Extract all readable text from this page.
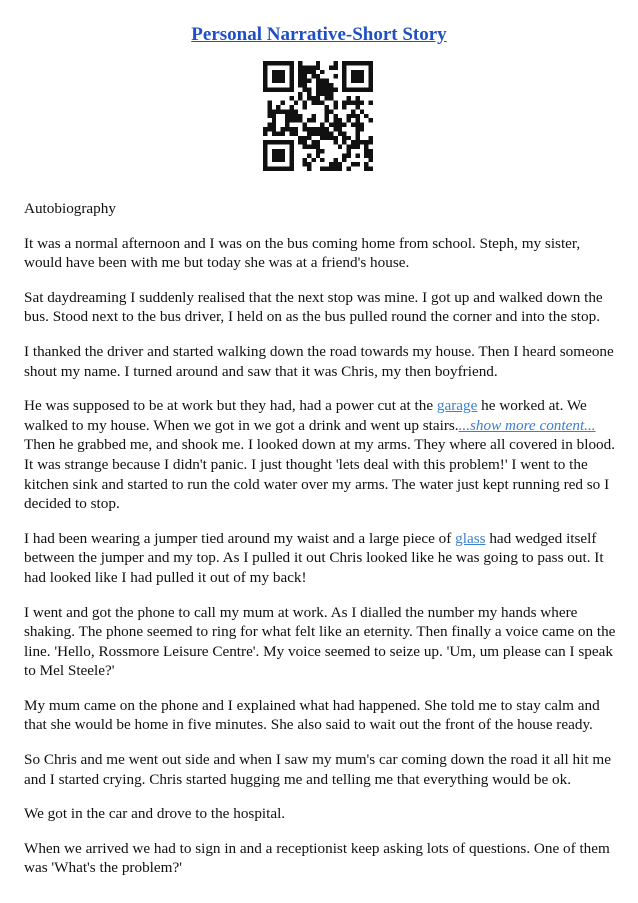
Personal Narrative-Short Story

Autobiography

It was a normal afternoon and I was on the bus coming home from school. Steph, my sister, would have been with me but today she was at a friend's house.

Sat daydreaming I suddenly realised that the next stop was mine. I got up and walked down the bus. Stood next to the bus driver, I held on as the bus pulled round the corner and into the stop.

I thanked the driver and started walking down the road towards my house. Then I heard someone shout my name. I turned around and saw that it was Chris, my then boyfriend.

He was supposed to be at work but they had, had a power cut at the garage he worked at. We walked to my house. When we got in we got a drink and went up stairs....show more content...
Then he grabbed me, and shook me. I looked down at my arms. They where all covered in blood.
It was strange because I didn't panic. I just thought 'lets deal with this problem!' I went to the kitchen sink and started to run the cold water over my arms. The water just kept running red so I decided to stop.

I had been wearing a jumper tied around my waist and a large piece of glass had wedged itself between the jumper and my top. As I pulled it out Chris looked like he was going to pass out. It had looked like I had pulled it out of my back!

I went and got the phone to call my mum at work. As I dialled the number my hands where shaking. The phone seemed to ring for what felt like an eternity. Then finally a voice came on the line. 'Hello, Rossmore Leisure Centre'. My voice seemed to seize up. 'Um, um please can I speak to Mel Steele?'

My mum came on the phone and I explained what had happened. She told me to stay calm and that she would be home in five minutes. She also said to wait out the front of the house ready.

So Chris and me went out side and when I saw my mum's car coming down the road it all hit me and I started crying. Chris started hugging me and telling me that everything would be ok.

We got in the car and drove to the hospital.

When we arrived we had to sign in and a receptionist keep asking lots of questions. One of them was 'What's the problem?'
